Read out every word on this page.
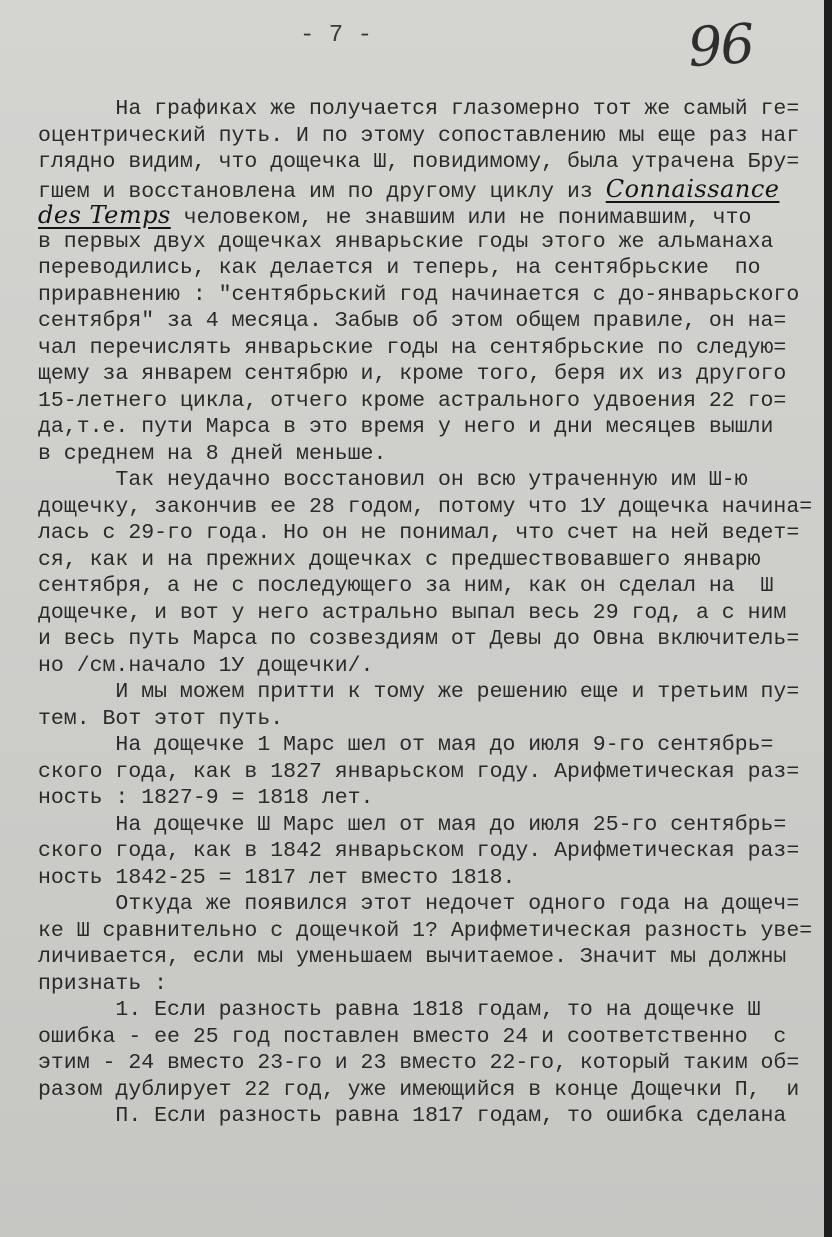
- 7 -	96
На графиках же получается глазомерно тот же самый ге=
оцентрический путь. И по этому сопоставлению мы еще раз наг
глядно видим, что дощечка Ш, повидимому, была утрачена Бру=
гшем и восстановлена им по другому циклу из Connaissance
des Temps человеком, не знавшим или не понимавшим, что
в первых двух дощечках январьские годы этого же альманаха
переводились, как делается и теперь, на сентябрьские  по
приравнению : "сентябрьский год начинается с до-январьского
сентября" за 4 месяца. Забыв об этом общем правиле, он на=
чал перечислять январьские годы на сентябрьские по следую=
щему за январем сентябрю и, кроме того, беря их из другого
15-летнего цикла, отчего кроме астрального удвоения 22 го=
да,т.е. пути Марса в это время у него и дни месяцев вышли
в среднем на 8 дней меньше.
Так неудачно восстановил он всю утраченную им Ш-ю
дощечку, закончив ее 28 годом, потому что 1У дощечка начина=
лась с 29-го года. Но он не понимал, что счет на ней ведет=
ся, как и на прежних дощечках с предшествовавшего январю
сентября, а не с последующего за ним, как он сделал на  Ш
дощечке, и вот у него астрально выпал весь 29 год, а с ним
и весь путь Марса по созвездиям от Девы до Овна включитель=
но /см.начало 1У дощечки/.
И мы можем притти к тому же решению еще и третьим пу=
тем. Вот этот путь.
На дощечке 1 Марс шел от мая до июля 9-го сентябрь=
ского года, как в 1827 январьском году. Арифметическая раз=
ность : 1827-9 = 1818 лет.
На дощечке Ш Марс шел от мая до июля 25-го сентябрь=
ского года, как в 1842 январьском году. Арифметическая раз=
ность 1842-25 = 1817 лет вместо 1818.
Откуда же появился этот недочет одного года на дощеч=
ке Ш сравнительно с дощечкой 1? Арифметическая разность уве=
личивается, если мы уменьшаем вычитаемое. Значит мы должны
признать :
1. Если разность равна 1818 годам, то на дощечке Ш
ошибка - ее 25 год поставлен вместо 24 и соответственно  с
этим - 24 вместо 23-го и 23 вместо 22-го, который таким об=
разом дублирует 22 год, уже имеющийся в конце Дощечки П,  и
П. Если разность равна 1817 годам, то ошибка сделана
